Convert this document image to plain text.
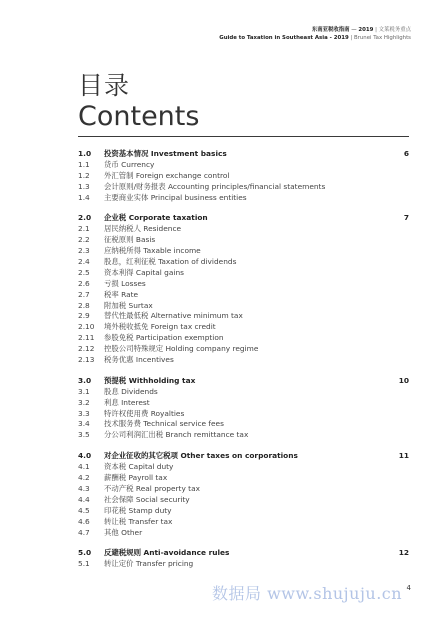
东南亚税收指南 — 2019 | 文莱税务重点
Guide to Taxation in Southeast Asia - 2019 | Brunei Tax Highlights
目录
Contents
1.0	投资基本情况 Investment basics	6
1.1	货币 Currency
1.2	外汇管制 Foreign exchange control
1.3	会计原则/财务报表 Accounting principles/financial statements
1.4	主要商业实体 Principal business entities
2.0	企业税 Corporate taxation	7
2.1	居民纳税人 Residence
2.2	征税原则 Basis
2.3	应纳税所得 Taxable income
2.4	股息，红利征税 Taxation of dividends
2.5	资本利得 Capital gains
2.6	亏损 Losses
2.7	税率 Rate
2.8	附加税 Surtax
2.9	替代性最低税 Alternative minimum tax
2.10	境外税收抵免 Foreign tax credit
2.11	参股免税 Participation exemption
2.12	控股公司特殊规定 Holding company regime
2.13	税务优惠 Incentives
3.0	预提税 Withholding tax	10
3.1	股息 Dividends
3.2	利息 Interest
3.3	特许权使用费 Royalties
3.4	技术服务费 Technical service fees
3.5	分公司利润汇出税 Branch remittance tax
4.0	对企业征收的其它税项 Other taxes on corporations	11
4.1	资本税 Capital duty
4.2	薪酬税 Payroll tax
4.3	不动产税 Real property tax
4.4	社会保障 Social security
4.5	印花税 Stamp duty
4.6	转让税 Transfer tax
4.7	其他 Other
5.0	反避税规则 Anti-avoidance rules	12
5.1	转让定价 Transfer pricing
数据局 www.shujuju.cn 4
